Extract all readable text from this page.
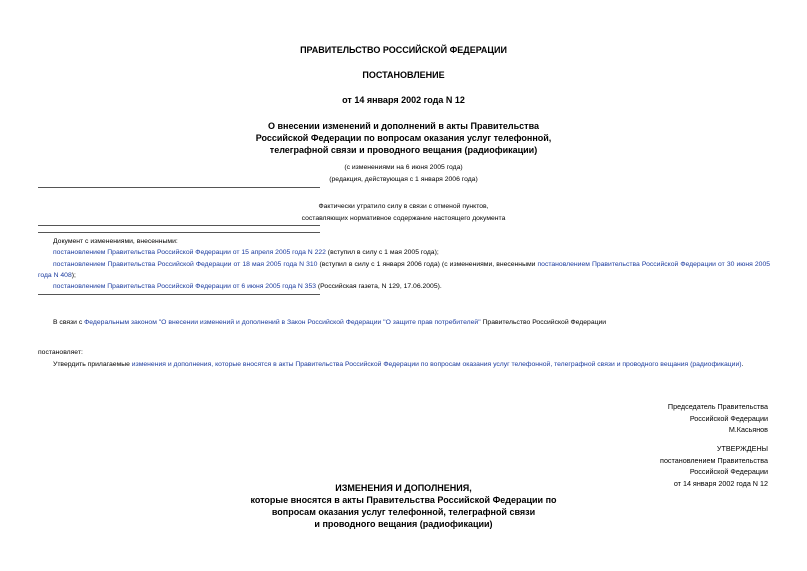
ПРАВИТЕЛЬСТВО РОССИЙСКОЙ ФЕДЕРАЦИИ
ПОСТАНОВЛЕНИЕ
от 14 января 2002 года N 12
О внесении изменений и дополнений в акты Правительства
Российской Федерации по вопросам оказания услуг телефонной,
телеграфной связи и проводного вещания (радиофикации)
(с изменениями на 6 июня 2005 года)
(редакция, действующая с 1 января 2006 года)
Фактически утратило силу в связи с отменой пунктов,
составляющих нормативное содержание настоящего документа
Документ с изменениями, внесенными:
постановлением Правительства Российской Федерации от 15 апреля 2005 года N 222 (вступил в силу с 1 мая 2005 года);
постановлением Правительства Российской Федерации от 18 мая 2005 года N 310 (вступил в силу с 1 января 2006 года) (с изменениями, внесенными постановлением Правительства Российской Федерации от 30 июня 2005 года N 408);
постановлением Правительства Российской Федерации от 6 июня 2005 года N 353 (Российская газета, N 129, 17.06.2005).
В связи с Федеральным законом "О внесении изменений и дополнений в Закон Российской Федерации "О защите прав потребителей" Правительство Российской Федерации
постановляет:
Утвердить прилагаемые изменения и дополнения, которые вносятся в акты Правительства Российской Федерации по вопросам оказания услуг телефонной, телеграфной связи и проводного вещания (радиофикации).
Председатель Правительства
Российской Федерации
М.Касьянов
УТВЕРЖДЕНЫ
постановлением Правительства
Российской Федерации
от 14 января 2002 года N 12
ИЗМЕНЕНИЯ И ДОПОЛНЕНИЯ,
которые вносятся в акты Правительства Российской Федерации по
вопросам оказания услуг телефонной, телеграфной связи
и проводного вещания (радиофикации)
